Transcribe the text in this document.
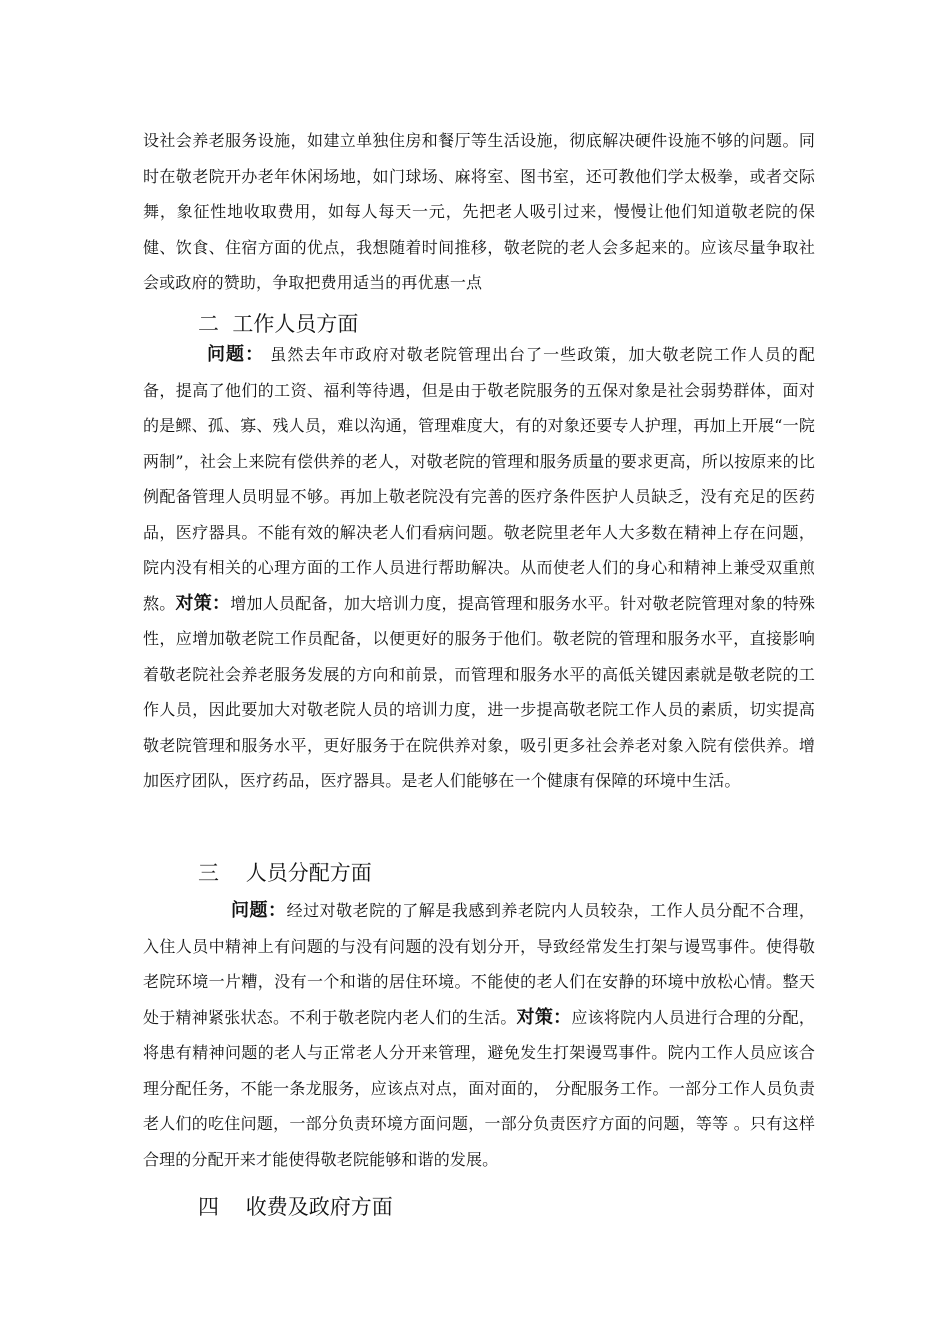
设社会养老服务设施，如建立单独住房和餐厅等生活设施，彻底解决硬件设施不够的问题。同时在敬老院开办老年休闲场地，如门球场、麻将室、图书室，还可教他们学太极拳，或者交际舞，象征性地收取费用，如每人每天一元，先把老人吸引过来，慢慢让他们知道敬老院的保健、饮食、住宿方面的优点，我想随着时间推移，敬老院的老人会多起来的。应该尽量争取社会或政府的赞助，争取把费用适当的再优惠一点
二  工作人员方面
问题： 虽然去年市政府对敬老院管理出台了一些政策，加大敬老院工作人员的配备，提高了他们的工资、福利等待遇，但是由于敬老院服务的五保对象是社会弱势群体，面对的是鳏、孤、寡、残人员，难以沟通，管理难度大，有的对象还要专人护理，再加上开展“一院两制”，社会上来院有偿供养的老人，对敬老院的管理和服务质量的要求更高，所以按原来的比例配备管理人员明显不够。再加上敬老院没有完善的医疗条件医护人员缺乏，没有充足的医药品，医疗器具。不能有效的解决老人们看病问题。敬老院里老年人大多数在精神上存在问题，院内没有相关的心理方面的工作人员进行帮助解决。从而使老人们的身心和精神上兼受双重煎熬。对策：增加人员配备，加大培训力度，提高管理和服务水平。针对敬老院管理对象的特殊性，应增加敬老院工作员配备，以便更好的服务于他们。敬老院的管理和服务水平，直接影响着敬老院社会养老服务发展的方向和前景，而管理和服务水平的高低关键因素就是敬老院的工作人员，因此要加大对敬老院人员的培训力度，进一步提高敬老院工作人员的素质，切实提高敬老院管理和服务水平，更好服务于在院供养对象，吸引更多社会养老对象入院有偿供养。增加医疗团队，医疗药品，医疗器具。是老人们能够在一个健康有保障的环境中生活。
三    人员分配方面
问题：经过对敬老院的了解是我感到养老院内人员较杂，工作人员分配不合理，入住人员中精神上有问题的与没有问题的没有划分开，导致经常发生打架与谩骂事件。使得敬老院环境一片糟，没有一个和谐的居住环境。不能使的老人们在安静的环境中放松心情。整天处于精神紧张状态。不利于敬老院内老人们的生活。对策：应该将院内人员进行合理的分配，将患有精神问题的老人与正常老人分开来管理，避免发生打架谩骂事件。院内工作人员应该合理分配任务，不能一条龙服务，应该点对点，面对面的， 分配服务工作。一部分工作人员负责老人们的吃住问题，一部分负责环境方面问题，一部分负责医疗方面的问题，等等 。只有这样合理的分配开来才能使得敬老院能够和谐的发展。
四    收费及政府方面
